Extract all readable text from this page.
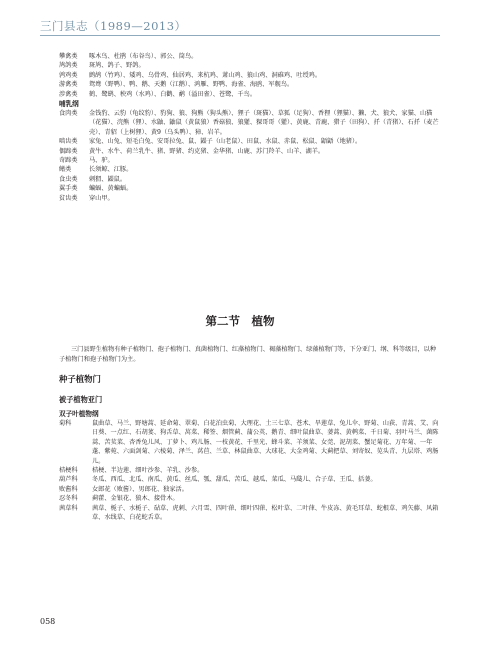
三门县志（1989—2013）
攀禽类	啄木鸟、杜鹃（布谷鸟）、郭公、筒鸟。
鸠鸽类	斑鸠、鸽子、野鸽。
鹑鸡类	鹧鸪（竹鸡）、矮鸡、乌骨鸡、仙居鸡、来杭鸡、萧山鸡、狼山鸡、洞碓鸡、吐绶鸡。
游禽类	鸳鸯（野鸭）、鸭、鹅、天鹅（江鹅）、鸿雁、野鸭、海雀、海鸥、军舰鸟。
涉禽类	鹤、鹭鹚、秧鸡（水鸡）、白鹳、鹬（溢田雀）、苍鹭、千鸟。
哺乳纲
食肉类	金钱豹、云豹（龟纹豹）、豹狗、狼、狗熊（狗头熊）、狸子（斑猫）、草狐（足狗）、香狸（狸猫）、獭、犬、狼犬、家猫、山猫（花猫）、浣熊（狸）、水鼬、鼬鼠（黄鼠狼）香菇狼、狼獾、猓哥哥（獾）、黄鹿、青鹿、猎子（田狗）、扦（青猪）、石扦（麦芒壳）、青貂（上树狸）、黄9（乌头鸭）、獐、岩羊。
啮齿类	家兔、山兔、短毛白兔、安哥拉兔、鼠、鼹子（山老鼠）、田鼠、水鼠、赤鼠、松鼠、鼯鼯（地猪）。
偶蹄类	黄牛、水牛、荷兰乳牛、猪、野猪、约克猪、金华猪、山鹿、苏门羚羊、山羊、湖羊。
奇蹄类	马、驴。
鳍类	长须鲸、江豚。
食虫类	刺猬、鼹鼠。
翼手类	蝙蝠、黄蝙蝠。
贫齿类	穿山甲。
第二节　植物
三门县野生植物有种子植物门、孢子植物门、真菌植物门、红藻植物门、褐藻植物门、绿藻植物门等，下分亚门、纲、科等级目，以种子植物门和孢子植物门为主。
种子植物门
被子植物亚门
双子叶植物纲
菊科	鼠曲草、马兰、野塘蒿、延命菊、翠菊、白花泊虫菊、大理花、土三七草、苍术、旱莲草、兔儿伞、野菊、山荻、青蒿、艾、向日葵、一点红、石胡荽、狗舌草、莴菜、稀签、烟管蓟、蒲公英、鹅青、细叶鼠曲草、蒌蒿、黄鹌菜、千日菊、羽叶马兰、菌陈蒿、苦荬菜、杏香兔儿风、丁萝卜、鸡儿肠、一枝黄花、千里光、蜂斗菜、羊须菜、女莞、泥胡菜、蟹足菊花、万年菊、一年蓬、紫菀、六面剑菊、六棱菊、泽兰、莴苣、兰草、林鼠曲草、大球花、大金鸡菊、大蓟把草、刘寄奴、苋头青、九层塔、鸡肠儿。
桔梗科	桔梗、半边莲、细叶沙参、羊乳、沙参。
葫芦科	冬瓜、西瓜、北瓜、南瓜、黄瓜、丝瓜、瓠、甜瓜、苦瓜、越瓜、菜瓜、马瓞儿、合子草、王瓜、括蒌。
败酱科	女郎花（败酱）、男郎花、独家活。
忍冬科	蓟藿、金银花、狼木、接骨木。
茜草科	茜草、栀子、水栀子、砧草、虎刺、六月雪、四叶葎、细叶四葎、松叶草、二叶葎、牛皮冻、黄毛耳草、蛇根草、鸡矢藤、风箱草、水线草、白花蛇舌草。
058
